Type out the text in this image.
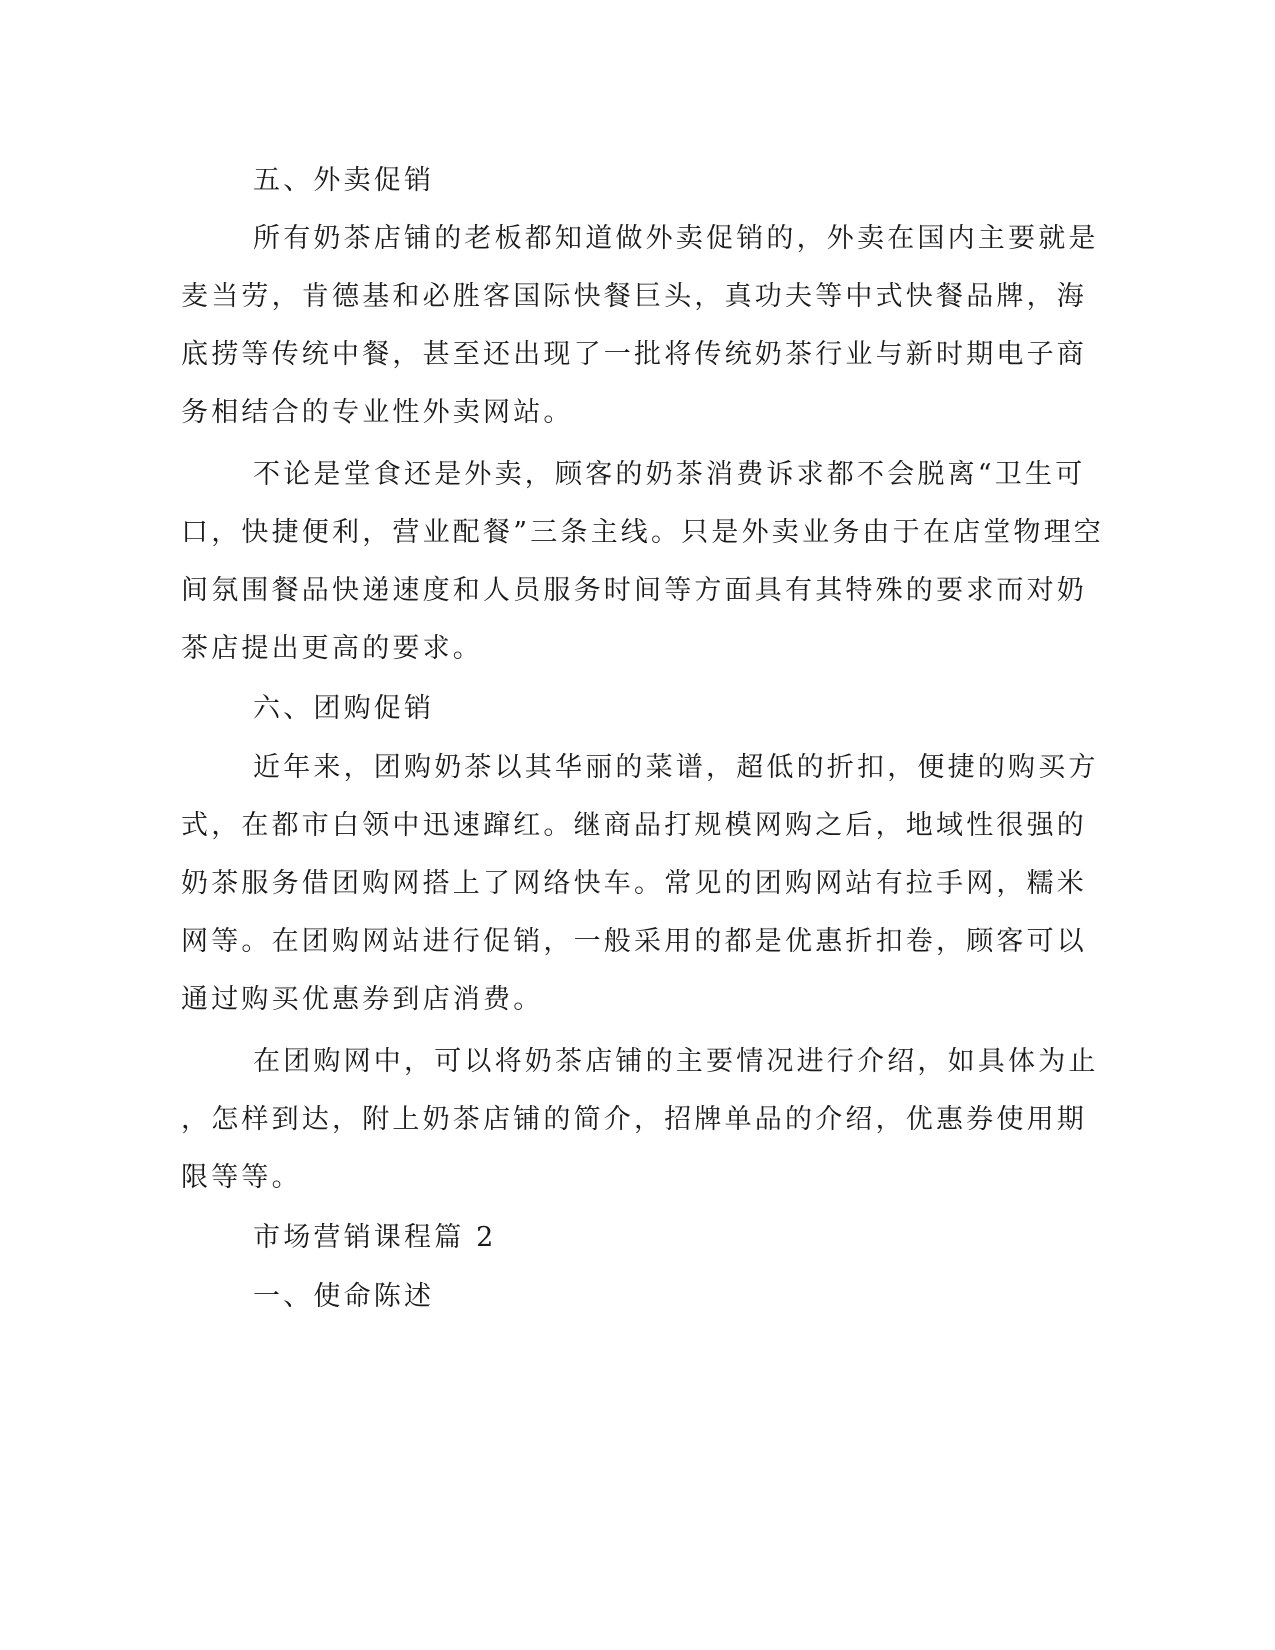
五、外卖促销
所有奶茶店铺的老板都知道做外卖促销的，外卖在国内主要就是
麦当劳，肯德基和必胜客国际快餐巨头，真功夫等中式快餐品牌，海
底捞等传统中餐，甚至还出现了一批将传统奶茶行业与新时期电子商
务相结合的专业性外卖网站。
不论是堂食还是外卖，顾客的奶茶消费诉求都不会脱离“卫生可
口，快捷便利，营业配餐”三条主线。只是外卖业务由于在店堂物理空
间氛围餐品快递速度和人员服务时间等方面具有其特殊的要求而对奶
茶店提出更高的要求。
六、团购促销
近年来，团购奶茶以其华丽的菜谱，超低的折扣，便捷的购买方
式，在都市白领中迅速蹿红。继商品打规模网购之后，地域性很强的
奶茶服务借团购网搭上了网络快车。常见的团购网站有拉手网，糯米
网等。在团购网站进行促销，一般采用的都是优惠折扣卷，顾客可以
通过购买优惠券到店消费。
在团购网中，可以将奶茶店铺的主要情况进行介绍，如具体为止
，怎样到达，附上奶茶店铺的简介，招牌单品的介绍，优惠券使用期
限等等。
市场营销课程篇 2
一、使命陈述
